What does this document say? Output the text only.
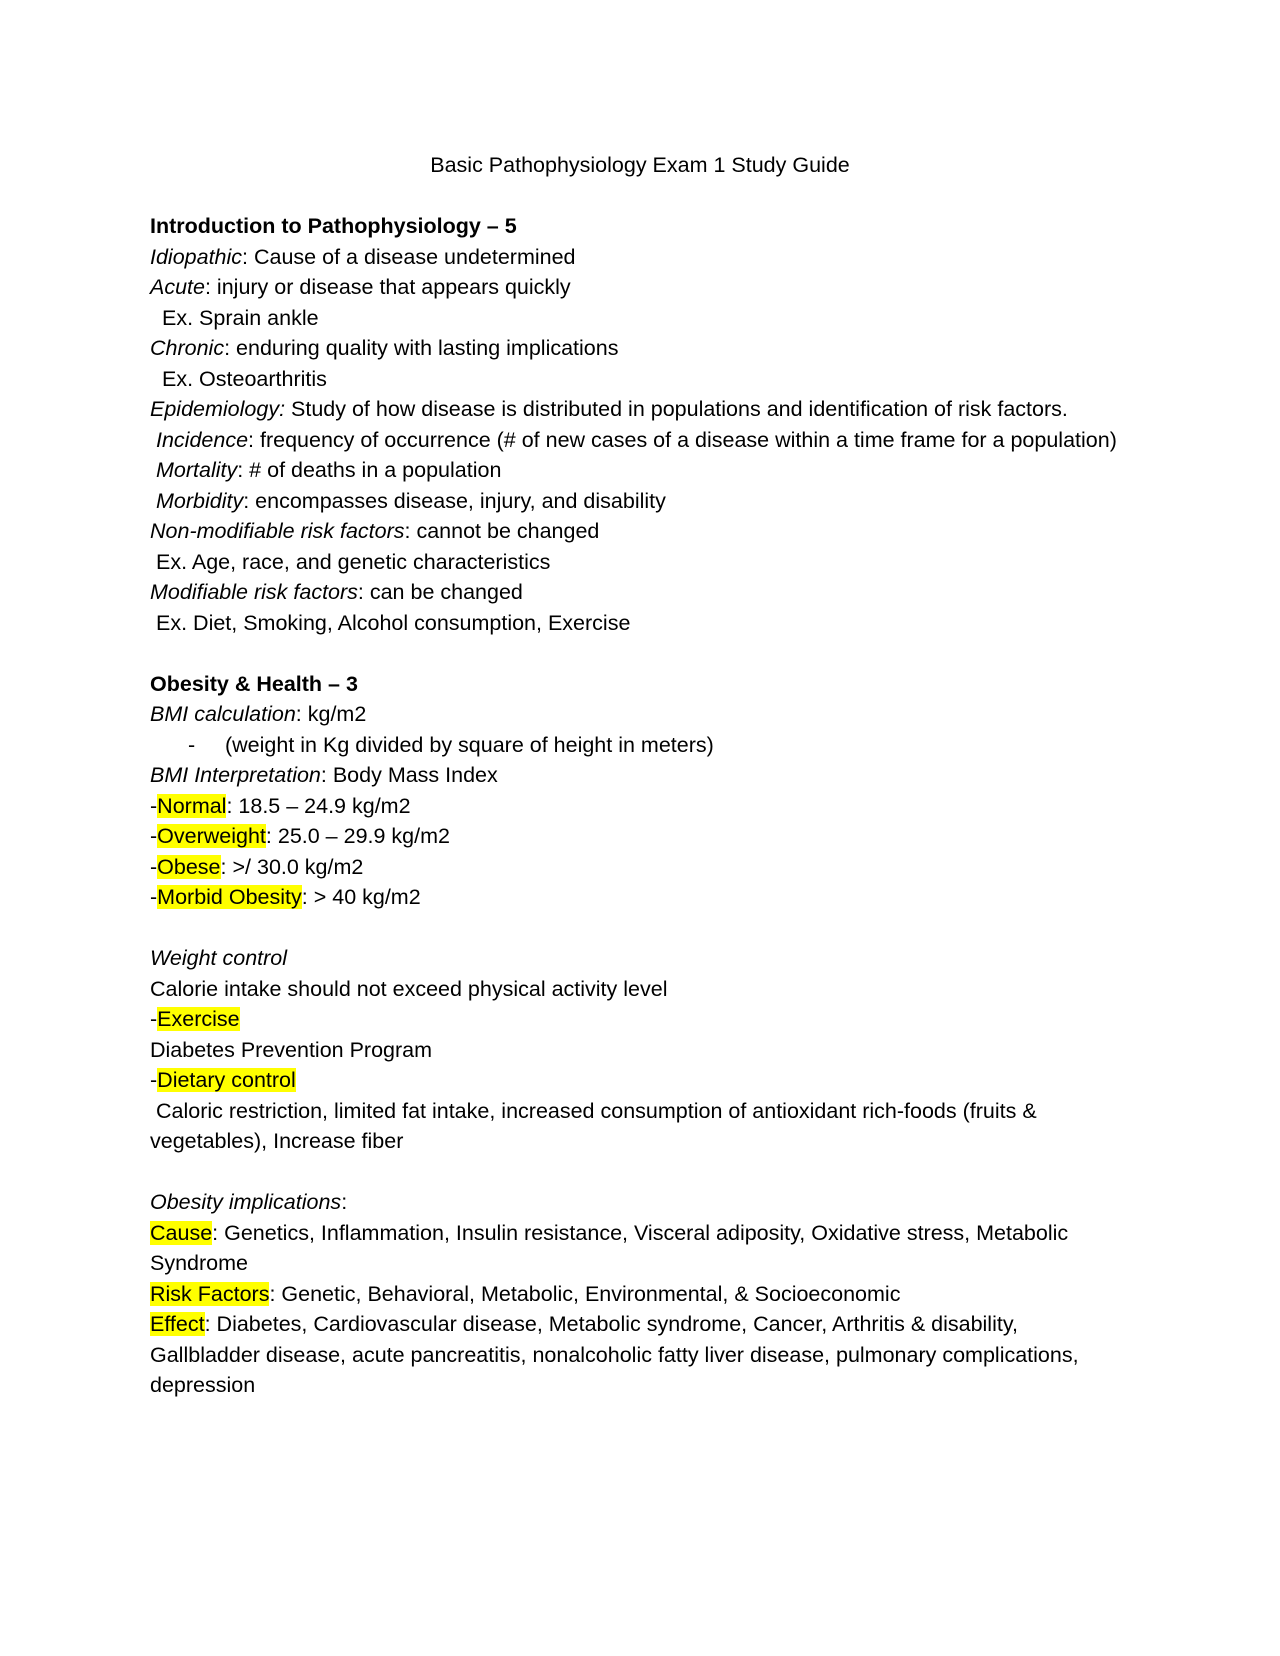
Basic Pathophysiology Exam 1 Study Guide
Introduction to Pathophysiology – 5
Idiopathic: Cause of a disease undetermined
Acute: injury or disease that appears quickly
Ex. Sprain ankle
Chronic: enduring quality with lasting implications
Ex. Osteoarthritis
Epidemiology: Study of how disease is distributed in populations and identification of risk factors.
Incidence: frequency of occurrence (# of new cases of a disease within a time frame for a population)
Mortality: # of deaths in a population
Morbidity: encompasses disease, injury, and disability
Non-modifiable risk factors: cannot be changed
Ex. Age, race, and genetic characteristics
Modifiable risk factors: can be changed
Ex. Diet, Smoking, Alcohol consumption, Exercise
Obesity & Health – 3
BMI calculation: kg/m2
- (weight in Kg divided by square of height in meters)
BMI Interpretation: Body Mass Index
-Normal: 18.5 – 24.9 kg/m2
-Overweight: 25.0 – 29.9 kg/m2
-Obese: >/ 30.0 kg/m2
-Morbid Obesity: > 40 kg/m2
Weight control
Calorie intake should not exceed physical activity level
-Exercise
Diabetes Prevention Program
-Dietary control
Caloric restriction, limited fat intake, increased consumption of antioxidant rich-foods (fruits & vegetables), Increase fiber
Obesity implications:
Cause: Genetics, Inflammation, Insulin resistance, Visceral adiposity, Oxidative stress, Metabolic Syndrome
Risk Factors: Genetic, Behavioral, Metabolic, Environmental, & Socioeconomic
Effect: Diabetes, Cardiovascular disease, Metabolic syndrome, Cancer, Arthritis & disability, Gallbladder disease, acute pancreatitis, nonalcoholic fatty liver disease, pulmonary complications, depression
